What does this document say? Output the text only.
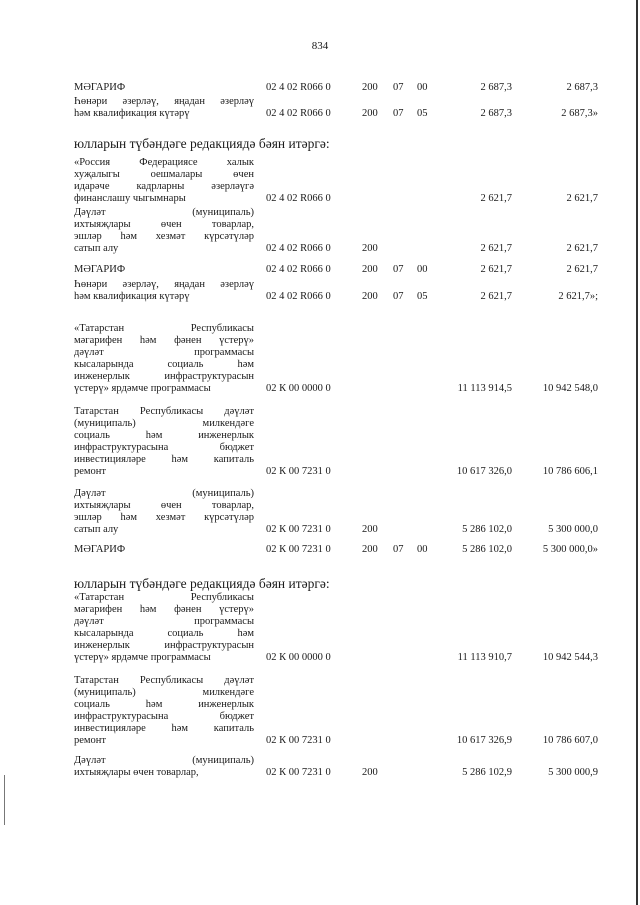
834
МӘГАРИФ	02 4 02 R066 0	200 07 00	2 687,3	2 687,3
Һөнәри әзерләү, яңадан әзерләү
һәм квалификация күтәрү	02 4 02 R066 0	200 07 05	2 687,3	2 687,3»
юлларын түбәндәге редакциядә бәян итәргә:
«Россия Федерациясе халык
хуҗалыгы оешмалары өчен
идарәче кадрларны әзерләүгә
финанслашу чыгымнары	02 4 02 R066 0	2 621,7	2 621,7
Дәүләт (муниципаль)
ихтыяҗлары өчен товарлар,
эшләр һәм хезмәт күрсәтүләр
сатып алу	02 4 02 R066 0	200	2 621,7	2 621,7
МӘГАРИФ	02 4 02 R066 0	200 07 00	2 621,7	2 621,7
Һөнәри әзерләү, яңадан әзерләү
һәм квалификация күтәрү	02 4 02 R066 0	200 07 05	2 621,7	2 621,7»;
«Татарстан Республикасы
мәгарифен һәм фәнен үстерү»
дәүләт программасы
кысаларында социаль һәм
инженерлык инфраструктурасын
үстерү» ярдәмче программасы	02 К 00 0000 0	11 113 914,5	10 942 548,0
Татарстан Республикасы дәүләт
(муниципаль) милкендәге
социаль һәм инженерлык
инфраструктурасына бюджет
инвестицияләре һәм капиталь
ремонт	02 К 00 7231 0	10 617 326,0	10 786 606,1
Дәүләт (муниципаль)
ихтыяҗлары өчен товарлар,
эшләр һәм хезмәт күрсәтүләр
сатып алу	02 К 00 7231 0	200	5 286 102,0	5 300 000,0
МӘГАРИФ	02 К 00 7231 0	200 07 00	5 286 102,0	5 300 000,0»
юлларын түбәндәге редакциядә бәян итәргә:
«Татарстан Республикасы
мәгарифен һәм фәнен үстерү»
дәүләт программасы
кысаларында социаль һәм
инженерлык инфраструктурасын
үстерү» ярдәмче программасы	02 К 00 0000 0	11 113 910,7	10 942 544,3
Татарстан Республикасы дәүләт
(муниципаль) милкендәге
социаль һәм инженерлык
инфраструктурасына бюджет
инвестицияләре һәм капиталь
ремонт	02 К 00 7231 0	10 617 326,9	10 786 607,0
Дәүләт (муниципаль)
ихтыяҗлары өчен товарлар,	02 К 00 7231 0	200	5 286 102,9	5 300 000,9
